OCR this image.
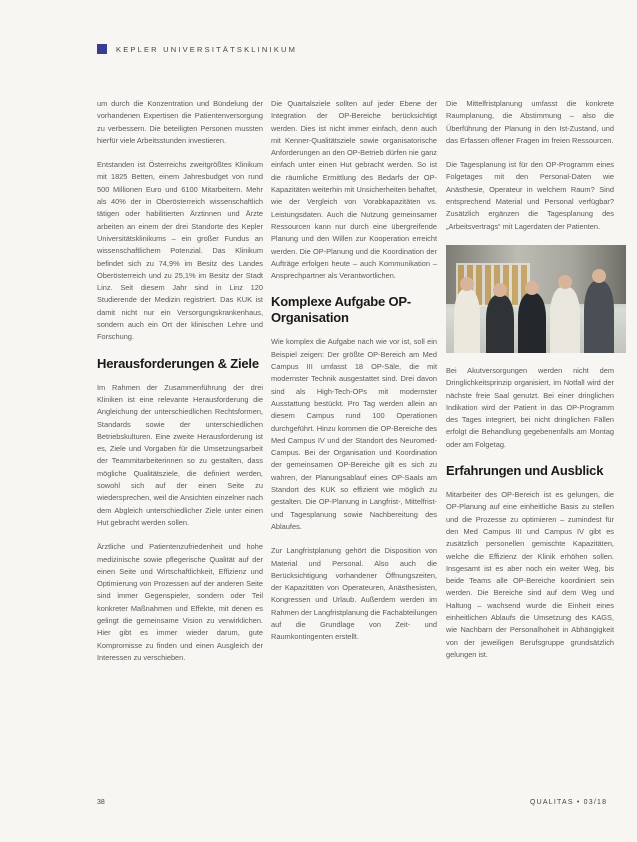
KEPLER UNIVERSITÄTSKLINIKUM

um durch die Konzentration und Bündelung der vorhandenen Expertisen die Patientenversorgung zu verbessern. Die beteiligten Personen mussten hierfür viele Arbeitsstunden investieren.

Entstanden ist Österreichs zweitgrößtes Klinikum mit 1825 Betten, einem Jahresbudget von rund 500 Millionen Euro und 6100 Mitarbeitern. Mehr als 40% der in Oberösterreich wissenschaftlich tätigen oder habilitierten Ärztinnen und Ärzte arbeiten an einem der drei Standorte des Kepler Universitätsklinikums – ein großer Fundus an wissenschaftlichem Potenzial. Das Klinikum befindet sich zu 74,9% im Besitz des Landes Oberösterreich und zu 25,1% im Besitz der Stadt Linz. Seit diesem Jahr sind in Linz 120 Studierende der Medizin registriert. Das KUK ist damit nicht nur ein Versorgungskrankenhaus, sondern auch ein Ort der klinischen Lehre und Forschung.

Herausforderungen & Ziele

Im Rahmen der Zusammenführung der drei Kliniken ist eine relevante Herausforderung die Angleichung der unterschiedlichen Rechtsformen, Standards sowie der unterschiedlichen Betriebskulturen. Eine zweite Herausforderung ist es, Ziele und Vorgaben für die Umsetzungsarbeit der Teammitarbeiterinnen so zu gestalten, dass mögliche Qualitätsziele, die definiert werden, sowohl sich auf der einen Seite zu wiedersprechen, weil die Ansichten einzelner nach dem Abgleich unterschiedlicher Ziele unter einen Hut gebracht werden sollen.

Ärztliche und Patientenzufriedenheit und hohe medizinische sowie pflegerische Qualität auf der einen Seite und Wirtschaftlichkeit, Effizienz und Optimierung von Prozessen auf der anderen Seite sind immer Gegenspieler, sondern oder Teil konkreter Maßnahmen und Effekte, mit denen es gelingt die gemeinsame Vision zu verwirklichen. Hier gibt es immer wieder darum, gute Kompromisse zu finden und einen Ausgleich der Interessen zu verschieben.

Die Quartalsziele sollten auf jeder Ebene der Integration der OP-Bereiche berücksichtigt werden. Dies ist nicht immer einfach, denn auch mit Kenner-Qualitätsziele sowie organisatorische Anforderungen an den OP-Betrieb dürfen nie ganz einfach unter einen Hut gebracht werden. So ist die räumliche Ermittlung des Bedarfs der OP-Kapazitäten weiterhin mit Unsicherheiten behaftet, wie der Vergleich von Vorabkapazitäten vs. Leistungsdaten. Auch die Nutzung gemeinsamer Ressourcen kann nur durch eine übergreifende Planung und den Willen zur Kooperation erreicht werden. Die OP-Planung und die Koordination der Aufträge erfolgen heute – auch Kommunikation – Ansprechpartner als Verantwortlichen.

Komplexe Aufgabe OP-Organisation

Wie komplex die Aufgabe nach wie vor ist, soll ein Beispiel zeigen: Der größte OP-Bereich am Med Campus III umfasst 18 OP-Säle, die mit modernster Technik ausgestattet sind. Drei davon sind als High-Tech-OPs mit modernster Ausstattung bestückt. Pro Tag werden allein an diesem Campus rund 100 Operationen durchgeführt. Hinzu kommen die OP-Bereiche des Med Campus IV und der Standort des Neuromed-Campus. Bei der Organisation und Koordination der gemeinsamen OP-Bereiche gilt es sich zu wahren, der Planungsablauf eines OP-Saals am Standort des KUK so effizient wie möglich zu gestalten. Die OP-Planung in Langfrist-, Mittelfrist- und Tagesplanung sowie Nachbereitung des Ablaufes.

Zur Langfristplanung gehört die Disposition von Material und Personal. Also auch die Berücksichtigung vorhandener Öffnungszeiten, der Kapazitäten von Operateuren, Anästhesisten, Kongressen und Urlaub. Außerdem werden im Rahmen der Langfristplanung die Fachabteilungen auf die Grundlage von Zeit- und Raumkontingenten erstellt.

Die Mittelfristplanung umfasst die konkrete Raumplanung, die Abstimmung – also die Überführung der Planung in den Ist-Zustand, und das Erfassen offener Fragen im freien Ressourcen.

Die Tagesplanung ist für den OP-Programm eines Folgetages mit den Personal-Daten wie Anästhesie, Operateur in welchem Raum? Sind entsprechend Material und Personal verfügbar? Zusätzlich ergänzen die Tagesplanung des „Arbeitsvertrags“ mit Lagerdaten der Patienten.

Bei Akutversorgungen werden nicht dem Dringlichkeitsprinzip organisiert, im Notfall wird der nächste freie Saal genutzt. Bei einer dringlichen Indikation wird der Patient in das OP-Programm des Tages integriert, bei nicht dringlichen Fällen erfolgt die Behandlung gegebenenfalls am Montag oder am Folgetag.

Erfahrungen und Ausblick

Mitarbeiter des OP-Bereich ist es gelungen, die OP-Planung auf eine einheitliche Basis zu stellen und die Prozesse zu optimieren – zumindest für den Med Campus III und Campus IV gibt es zusätzlich personellen gemischte Kapazitäten, welche die Effizienz der Klinik erhöhen sollen. Insgesamt ist es aber noch ein weiter Weg, bis beide Teams alle OP-Bereiche koordiniert sein werden. Die Bereiche sind auf dem Weg und Haltung – wachsend wurde die Einheit eines einheitlichen Ablaufs die Umsetzung des KAGS, wie Nachbarn der Personalhoheit in Abhängigkeit von der jeweiligen Berufsgruppe grundsätzlich gelungen ist.

38	QUALITAS • 03/18
